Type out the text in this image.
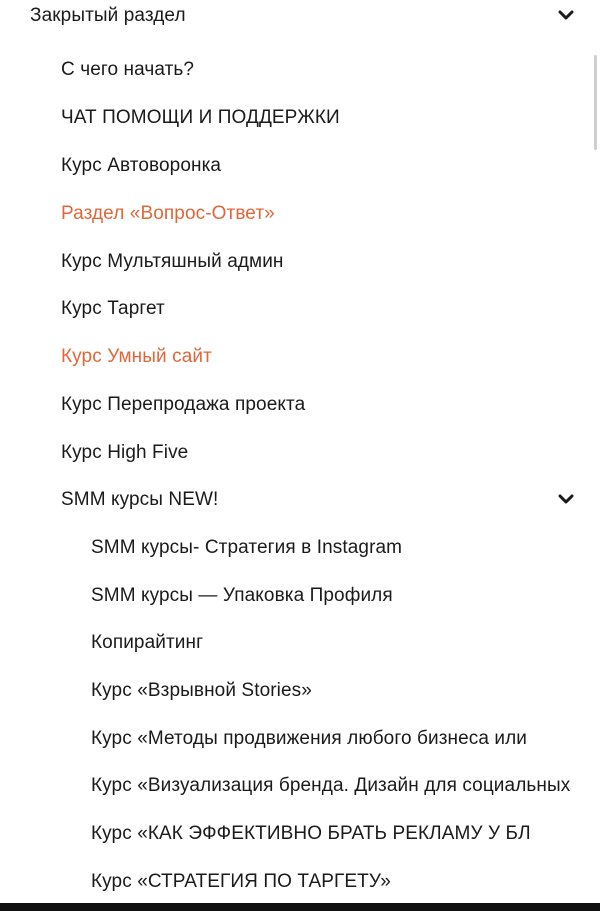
Закрытый раздел
С чего начать?
ЧАТ ПОМОЩИ И ПОДДЕРЖКИ
Курс Автоворонка
Раздел «Вопрос-Ответ»
Курс Мультяшный админ
Курс Таргет
Курс Умный сайт
Курс Перепродажа проекта
Курс High Five
SMM курсы NEW!
SMM курсы- Стратегия в Instagram
SMM курсы — Упаковка Профиля
Копирайтинг
Курс «Взрывной Stories»
Курс «Методы продвижения любого бизнеса или
Курс «Визуализация бренда. Дизайн для социальных
Курс «КАК ЭФФЕКТИВНО БРАТЬ РЕКЛАМУ У БЛ
Курс «СТРАТЕГИЯ ПО ТАРГЕТУ»
